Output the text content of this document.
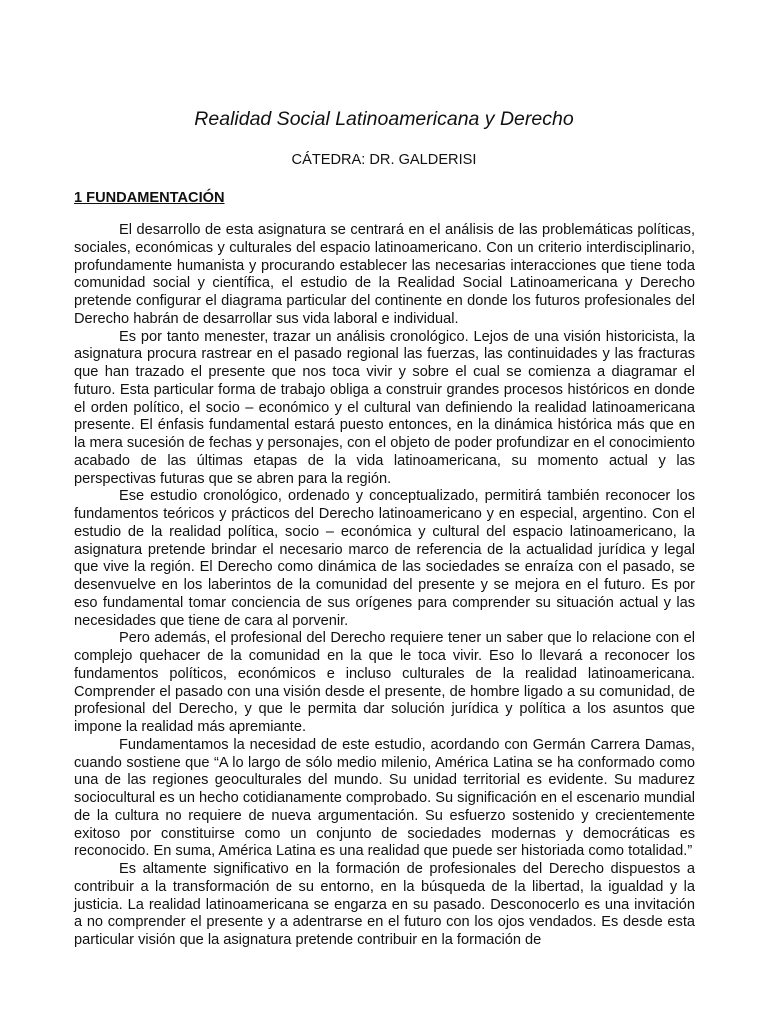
Realidad Social Latinoamericana y Derecho
CÁTEDRA: DR. GALDERISI
1 FUNDAMENTACIÓN

El desarrollo de esta asignatura se centrará en el análisis de las problemáticas políticas, sociales, económicas y culturales del espacio latinoamericano. Con un criterio interdisciplinario, profundamente humanista y procurando establecer las necesarias interacciones que tiene toda comunidad social y científica, el estudio de la Realidad Social Latinoamericana y Derecho pretende configurar el diagrama particular del continente en donde los futuros profesionales del Derecho habrán de desarrollar sus vida laboral e individual.

Es por tanto menester, trazar un análisis cronológico. Lejos de una visión historicista, la asignatura procura rastrear en el pasado regional las fuerzas, las continuidades y las fracturas que han trazado el presente que nos toca vivir y sobre el cual se comienza a diagramar el futuro. Esta particular forma de trabajo obliga a construir grandes procesos históricos en donde el orden político, el socio – económico y el cultural van definiendo la realidad latinoamericana presente. El énfasis fundamental estará puesto entonces, en la dinámica histórica más que en la mera sucesión de fechas y personajes, con el objeto de poder profundizar en el conocimiento acabado de las últimas etapas de la vida latinoamericana, su momento actual y las perspectivas futuras que se abren para la región.

Ese estudio cronológico, ordenado y conceptualizado, permitirá también reconocer los fundamentos teóricos y prácticos del Derecho latinoamericano y en especial, argentino. Con el estudio de la realidad política, socio – económica y cultural del espacio latinoamericano, la asignatura pretende brindar el necesario marco de referencia de la actualidad jurídica y legal que vive la región. El Derecho como dinámica de las sociedades se enraíza con el pasado, se desenvuelve en los laberintos de la comunidad del presente y se mejora en el futuro. Es por eso fundamental tomar conciencia de sus orígenes para comprender su situación actual y las necesidades que tiene de cara al porvenir.

Pero además, el profesional del Derecho requiere tener un saber que lo relacione con el complejo quehacer de la comunidad en la que le toca vivir. Eso lo llevará a reconocer los fundamentos políticos, económicos e incluso culturales de la realidad latinoamericana. Comprender el pasado con una visión desde el presente, de hombre ligado a su comunidad, de profesional del Derecho, y que le permita dar solución jurídica y política a los asuntos que impone la realidad más apremiante.

Fundamentamos la necesidad de este estudio, acordando con Germán Carrera Damas, cuando sostiene que “A lo largo de sólo medio milenio, América Latina se ha conformado como una de las regiones geoculturales del mundo. Su unidad territorial es evidente. Su madurez sociocultural es un hecho cotidianamente comprobado. Su significación en el escenario mundial de la cultura no requiere de nueva argumentación. Su esfuerzo sostenido y crecientemente exitoso por constituirse como un conjunto de sociedades modernas y democráticas es reconocido. En suma, América Latina es una realidad que puede ser historiada como totalidad.”

Es altamente significativo en la formación de profesionales del Derecho dispuestos a contribuir a la transformación de su entorno, en la búsqueda de la libertad, la igualdad y la justicia. La realidad latinoamericana se engarza en su pasado. Desconocerlo es una invitación a no comprender el presente y a adentrarse en el futuro con los ojos vendados. Es desde esta particular visión que la asignatura pretende contribuir en la formación de
